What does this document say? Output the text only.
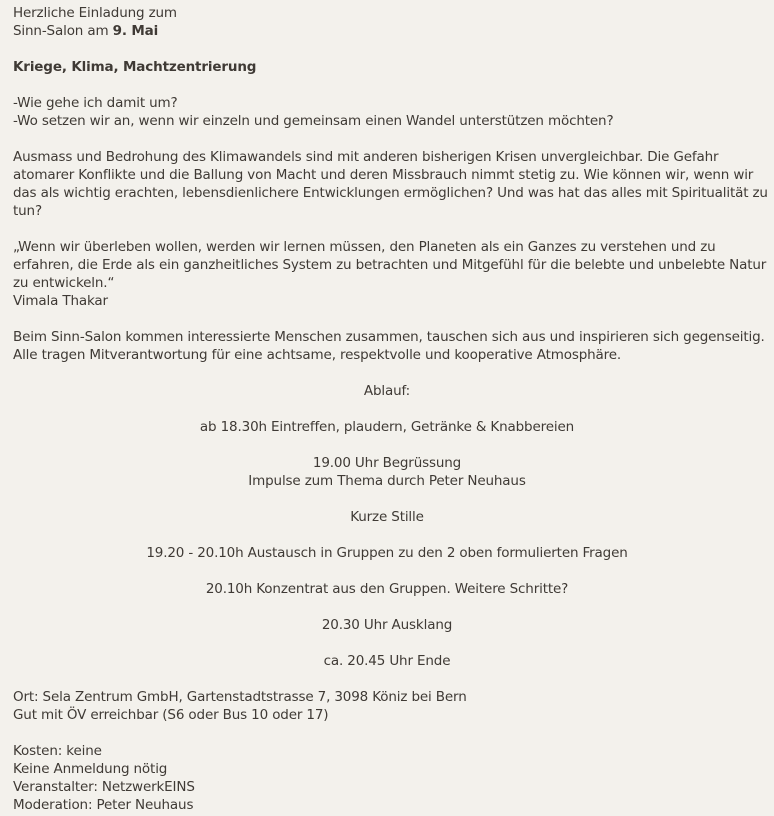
Herzliche Einladung zum

Sinn-Salon am 9. Mai

Kriege, Klima, Machtzentrierung

-Wie gehe ich damit um?

-Wo setzen wir an, wenn wir einzeln und gemeinsam einen Wandel unterstützen möchten?

Ausmass und Bedrohung des Klimawandels sind mit anderen bisherigen Krisen unvergleichbar. Die Gefahr atomarer Konflikte und die Ballung von Macht und deren Missbrauch nimmt stetig zu. Wie können wir, wenn wir das als wichtig erachten, lebensdienlichere Entwicklungen ermöglichen? Und was hat das alles mit Spiritualität zu tun?

„Wenn wir überleben wollen, werden wir lernen müssen, den Planeten als ein Ganzes zu verstehen und zu erfahren, die Erde als ein ganzheitliches System zu betrachten und Mitgefühl für die belebte und unbelebte Natur zu entwickeln.“

Vimala Thakar

Beim Sinn-Salon kommen interessierte Menschen zusammen, tauschen sich aus und inspirieren sich gegenseitig. Alle tragen Mitverantwortung für eine achtsame, respektvolle und kooperative Atmosphäre.

Ablauf:

ab 18.30h Eintreffen, plaudern, Getränke & Knabbereien

19.00 Uhr Begrüssung

Impulse zum Thema durch Peter Neuhaus

Kurze Stille

19.20 - 20.10h Austausch in Gruppen zu den 2 oben formulierten Fragen

20.10h Konzentrat aus den Gruppen. Weitere Schritte?

20.30 Uhr Ausklang

ca. 20.45 Uhr Ende

Ort: Sela Zentrum GmbH, Gartenstadtstrasse 7, 3098 Köniz bei Bern

Gut mit ÖV erreichbar (S6 oder Bus 10 oder 17)

Kosten: keine

Keine Anmeldung nötig

Veranstalter: NetzwerkEINS

Moderation: Peter Neuhaus
